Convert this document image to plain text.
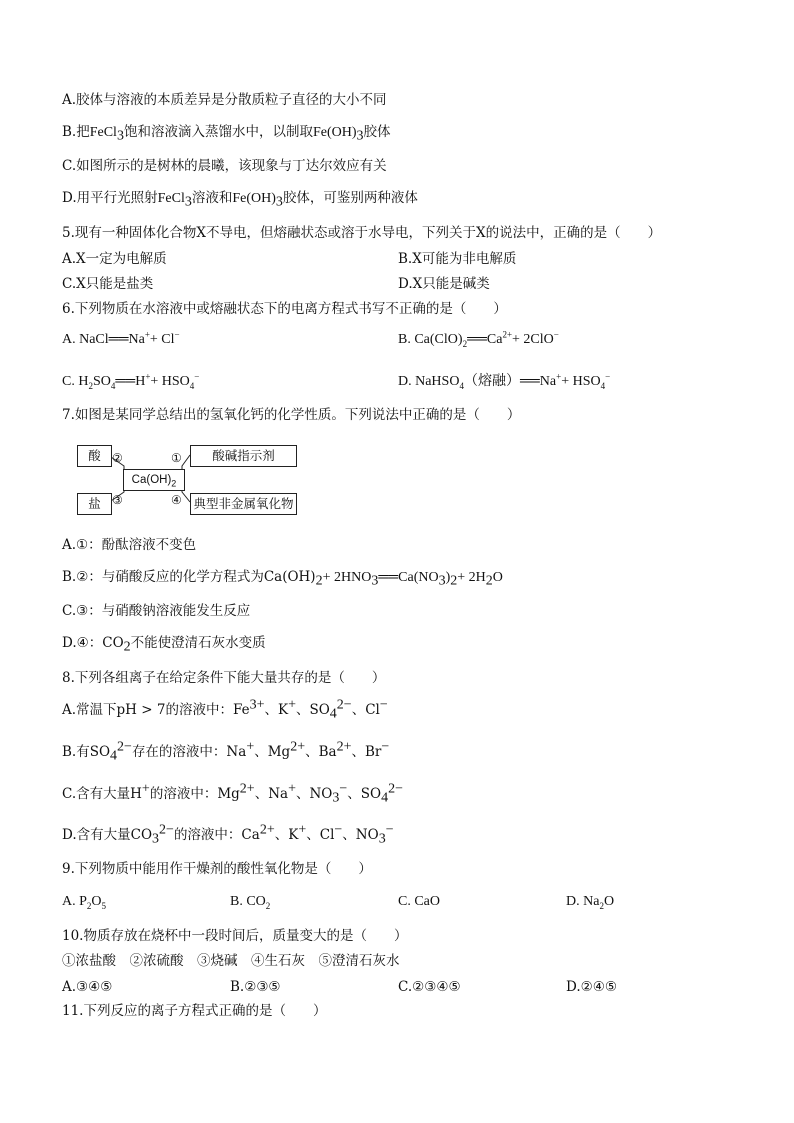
A.胶体与溶液的本质差异是分散质粒子直径的大小不同
B.把FeCl$_3$饱和溶液滴入蒸馏水中，以制取$Fe(OH)_3$胶体
C.如图所示的是树林的晨曦，该现象与丁达尔效应有关
D.用平行光照射FeCl$_3$溶液和$Fe(OH)_3$胶体，可鉴别两种液体
5.现有一种固体化合物X不导电，但熔融状态或溶于水导电，下列关于X的说法中，正确的是（　　）
A.X一定为电解质	B.X可能为非电解质
C.X只能是盐类	D.X只能是碱类
6.下列物质在水溶液中或熔融状态下的电离方程式书写不正确的是（　　）
A. NaCl══Na++ Cl−	B. $Ca(ClO)_2══Ca^{2+}+ 2ClO^-$
C. $H_2SO_4══H^++ HSO_4^-$	D. NaHSO$_4$（熔融）══Na++ $HSO_4^-$
7.如图是某同学总结出的氢氧化钙的化学性质。下列说法中正确的是（　　）
酸
盐
$Ca(OH)_2$
酸碱指示剂
典型非金属氧化物
②	①
③	④
A.①：酚酞溶液不变色
B.②：与硝酸反应的化学方程式为$Ca(OH)_2+$ $2HNO_3══Ca(NO_3)_2+ 2H_2O$
C.③：与硝酸钠溶液能发生反应
D.④：$CO_2$不能使澄清石灰水变质
8.下列各组离子在给定条件下能大量共存的是（　　）
A.常温下pH > 7的溶液中：$Fe^{3+}$、K+、$SO_4^{2-}$、Cl−
B.有$SO_4^{2-}$存在的溶液中：Na+、$Mg^{2+}$、$Ba^{2+}$、Br−
C.含有大量H+的溶液中：$Mg^{2+}$、Na+、$NO_3^-$、$SO_4^{2-}$
D.含有大量$CO_3^{2-}$的溶液中：$Ca^{2+}$、K+、Cl−、$NO_3^-$
9.下列物质中能用作干燥剂的酸性氧化物是（　　）
A. $P_2O_5$	B. $CO_2$	C. CaO	D. $Na_2O$
10.物质存放在烧杯中一段时间后，质量变大的是（　　）
①浓盐酸　②浓硫酸　③烧碱　④生石灰　⑤澄清石灰水
A.③④⑤	B.②③⑤	C.②③④⑤	D.②④⑤
11.下列反应的离子方程式正确的是（　　）
